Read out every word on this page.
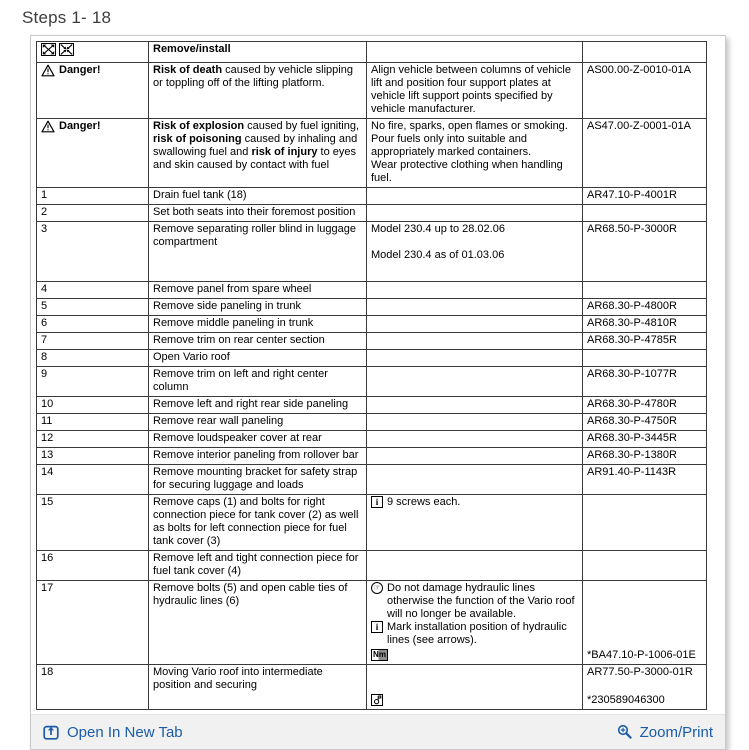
Steps 1- 18
	Remove/install		

Danger!	Risk of death caused by vehicle slipping or toppling off of the lifting platform.	Align vehicle between columns of vehicle lift and position four support plates at vehicle lift support points specified by vehicle manufacturer.	AS00.00-Z-0010-01A

Danger!	Risk of explosion caused by fuel igniting, risk of poisoning caused by inhaling and swallowing fuel and risk of injury to eyes and skin caused by contact with fuel	No fire, sparks, open flames or smoking.
Pour fuels only into suitable and appropriately marked containers.
Wear protective clothing when handling fuel.	AS47.00-Z-0001-01A

1	Drain fuel tank (18)		AR47.10-P-4001R

2	Set both seats into their foremost position		
3	Remove separating roller blind in luggage compartment	Model 230.4 up to 28.02.06
Model 230.4 as of 01.03.06	AR68.50-P-3000R

4	Remove panel from spare wheel		
5	Remove side paneling in trunk		AR68.30-P-4800R

6	Remove middle paneling in trunk		AR68.30-P-4810R

7	Remove trim on rear center section		AR68.30-P-4785R

8	Open Vario roof		
9	Remove trim on left and right center column		AR68.30-P-1077R

10	Remove left and right rear side paneling		AR68.30-P-4780R

11	Remove rear wall paneling		AR68.30-P-4750R

12	Remove loudspeaker cover at rear		AR68.30-P-3445R

13	Remove interior paneling from rollover bar		AR68.30-P-1380R

14	Remove mounting bracket for safety strap for securing luggage and loads		AR91.40-P-1143R

15	Remove caps (1) and bolts for right connection piece for tank cover (2) as well as bolts for left connection piece for fuel tank cover (3)	i 9 screws each.	

16	Remove left and tight connection piece for fuel tank cover (4)		
17	Remove bolts (5) and open cable ties of hydraulic lines (6)	☞ Do not damage hydraulic lines otherwise the function of the Vario roof will no longer be available.
i Mark installation position of hydraulic lines (see arrows).
Nm	*BA47.10-P-1006-01E

18	Moving Vario roof into intermediate position and securing		AR77.50-P-3000-01R
*230589046300
Open In New Tab	Zoom/Print
